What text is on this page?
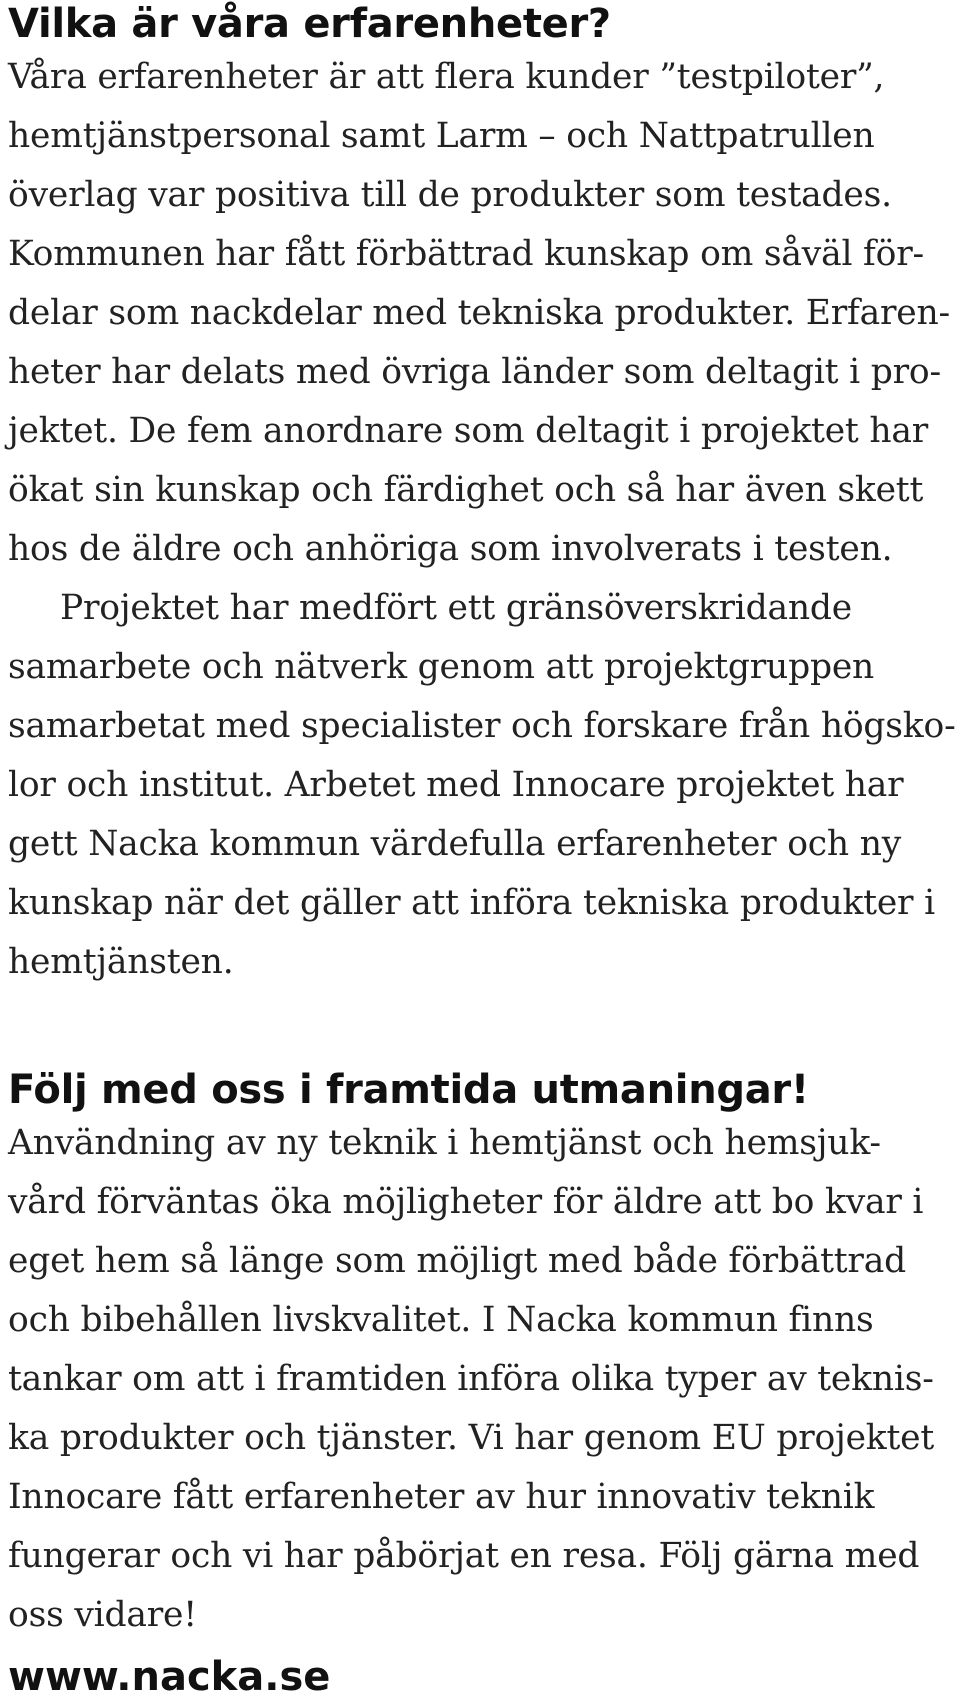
Vilka är våra erfarenheter?
Våra erfarenheter är att flera kunder ”testpiloter”,
hemtjänstpersonal samt Larm – och Nattpatrullen
överlag var positiva till de produkter som testades.
Kommunen har fått förbättrad kunskap om såväl för-
delar som nackdelar med tekniska produkter. Erfaren-
heter har delats med övriga länder som deltagit i pro-
jektet. De fem anordnare som deltagit i projektet har
ökat sin kunskap och färdighet och så har även skett
hos de äldre och anhöriga som involverats i testen.
Projektet har medfört ett gränsöverskridande
samarbete och nätverk genom att projektgruppen
samarbetat med specialister och forskare från högsko-
lor och institut. Arbetet med Innocare projektet har
gett Nacka kommun värdefulla erfarenheter och ny
kunskap när det gäller att införa tekniska produkter i
hemtjänsten.
Följ med oss i framtida utmaningar!
Användning av ny teknik i hemtjänst och hemsjuk-
vård förväntas öka möjligheter för äldre att bo kvar i
eget hem så länge som möjligt med både förbättrad
och bibehållen livskvalitet. I Nacka kommun finns
tankar om att i framtiden införa olika typer av teknis-
ka produkter och tjänster. Vi har genom EU projektet
Innocare fått erfarenheter av hur innovativ teknik
fungerar och vi har påbörjat en resa. Följ gärna med
oss vidare!
www.nacka.se
